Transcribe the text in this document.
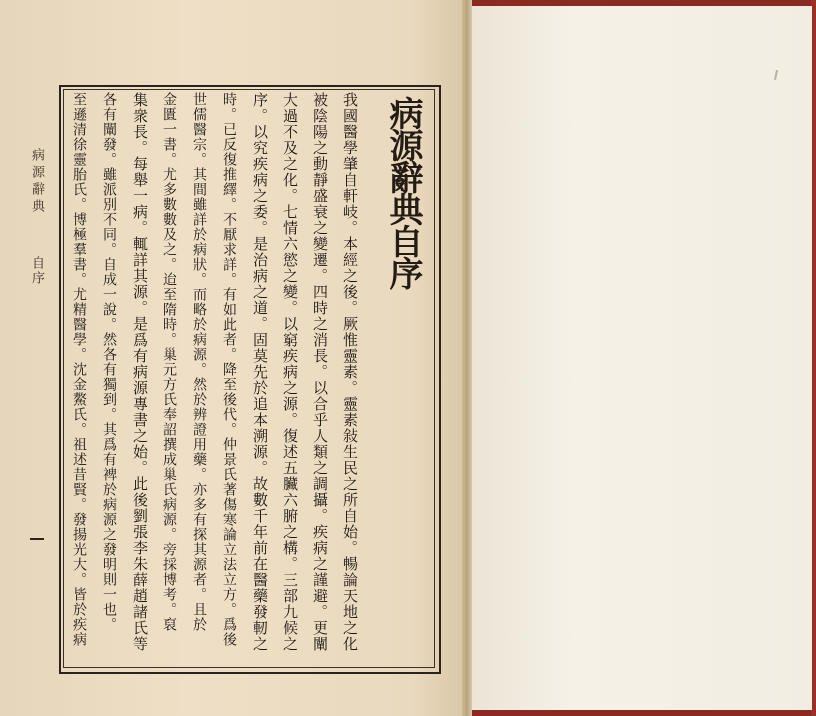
病源辭典
自序	病源辭典自序
我國醫學肇自軒岐。本經之後。厥惟靈素。靈素敍生民之所自始。暢論天地之化
被陰陽之動靜盛衰之變遷。四時之消長。以合乎人類之調攝。疾病之謹避。更闡
大過不及之化。七情六慾之變。以窮疾病之源。復述五臟六腑之構。三部九候之
序。以究疾病之委。是治病之道。固莫先於追本溯源。故數千年前在醫藥發軔之
時。已反復推繹。不厭求詳。有如此者。降至後代。仲景氏著傷寒論立法立方。爲後
世儒醫宗。其間雖詳於病狀。而略於病源。然於辨證用藥。亦多有探其源者。且於
金匱一書。尤多數數及之。迨至隋時。巢元方氏奉詔撰成巢氏病源。旁採博考。裒
集衆長。每舉一病。輒詳其源。是爲有病源專書之始。此後劉張李朱薛趙諸氏等
各有闡發。雖派別不同。自成一說。然各有獨到。其爲有裨於病源之發明則一也。
至遜清徐靈胎氏。博極羣書。尤精醫學。沈金鰲氏。祖述昔賢。發揚光大。皆於疾病
